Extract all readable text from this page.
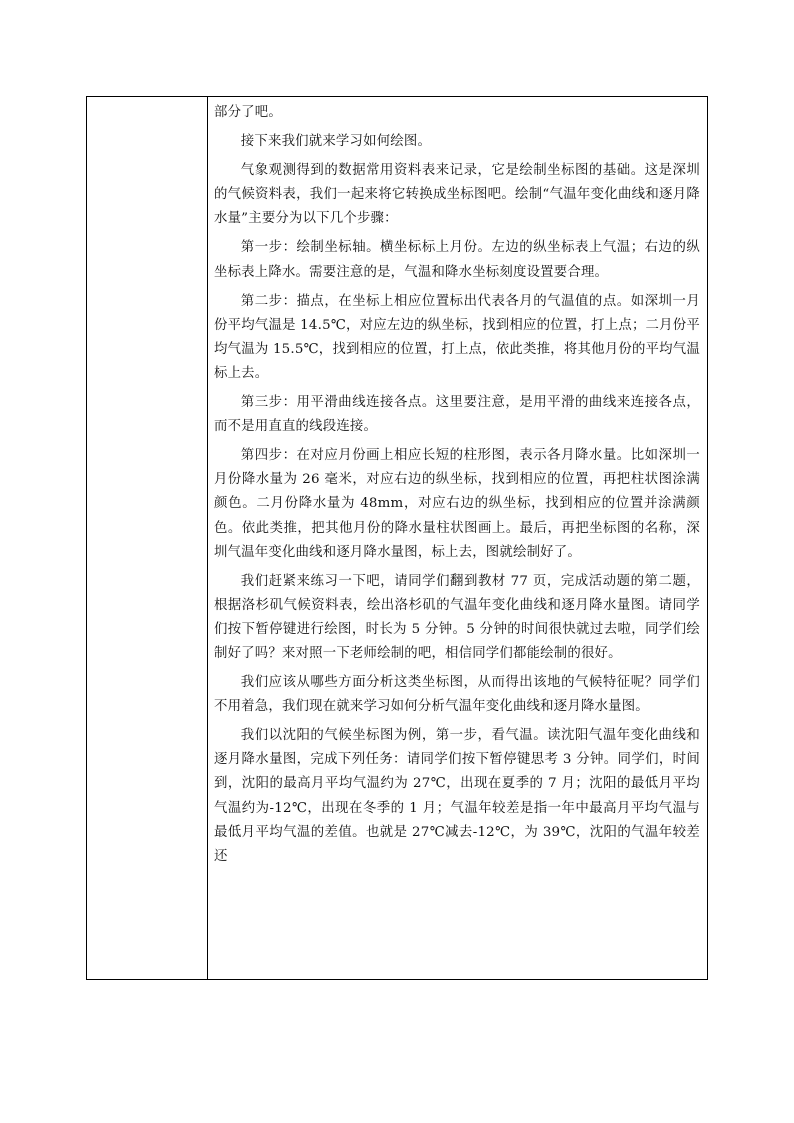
部分了吧。

接下来我们就来学习如何绘图。

气象观测得到的数据常用资料表来记录，它是绘制坐标图的基础。这是深圳的气候资料表，我们一起来将它转换成坐标图吧。绘制“气温年变化曲线和逐月降水量”主要分为以下几个步骤：

第一步：绘制坐标轴。横坐标标上月份。左边的纵坐标表上气温；右边的纵坐标表上降水。需要注意的是，气温和降水坐标刻度设置要合理。

第二步：描点，在坐标上相应位置标出代表各月的气温值的点。如深圳一月份平均气温是 14.5℃，对应左边的纵坐标，找到相应的位置，打上点；二月份平均气温为 15.5℃，找到相应的位置，打上点，依此类推，将其他月份的平均气温标上去。

第三步：用平滑曲线连接各点。这里要注意，是用平滑的曲线来连接各点，而不是用直直的线段连接。

第四步：在对应月份画上相应长短的柱形图，表示各月降水量。比如深圳一月份降水量为 26 毫米，对应右边的纵坐标，找到相应的位置，再把柱状图涂满颜色。二月份降水量为 48mm，对应右边的纵坐标，找到相应的位置并涂满颜色。依此类推，把其他月份的降水量柱状图画上。最后，再把坐标图的名称，深圳气温年变化曲线和逐月降水量图，标上去，图就绘制好了。

我们赶紧来练习一下吧，请同学们翻到教材 77 页，完成活动题的第二题，根据洛杉矶气候资料表，绘出洛杉矶的气温年变化曲线和逐月降水量图。请同学们按下暂停键进行绘图，时长为 5 分钟。5 分钟的时间很快就过去啦，同学们绘制好了吗？来对照一下老师绘制的吧，相信同学们都能绘制的很好。

我们应该从哪些方面分析这类坐标图，从而得出该地的气候特征呢？同学们不用着急，我们现在就来学习如何分析气温年变化曲线和逐月降水量图。

我们以沈阳的气候坐标图为例，第一步，看气温。读沈阳气温年变化曲线和逐月降水量图，完成下列任务：请同学们按下暂停键思考 3 分钟。同学们，时间到，沈阳的最高月平均气温约为 27℃，出现在夏季的 7 月；沈阳的最低月平均气温约为-12℃，出现在冬季的 1 月；气温年较差是指一年中最高月平均气温与最低月平均气温的差值。也就是 27℃减去-12℃，为 39℃，沈阳的气温年较差还
